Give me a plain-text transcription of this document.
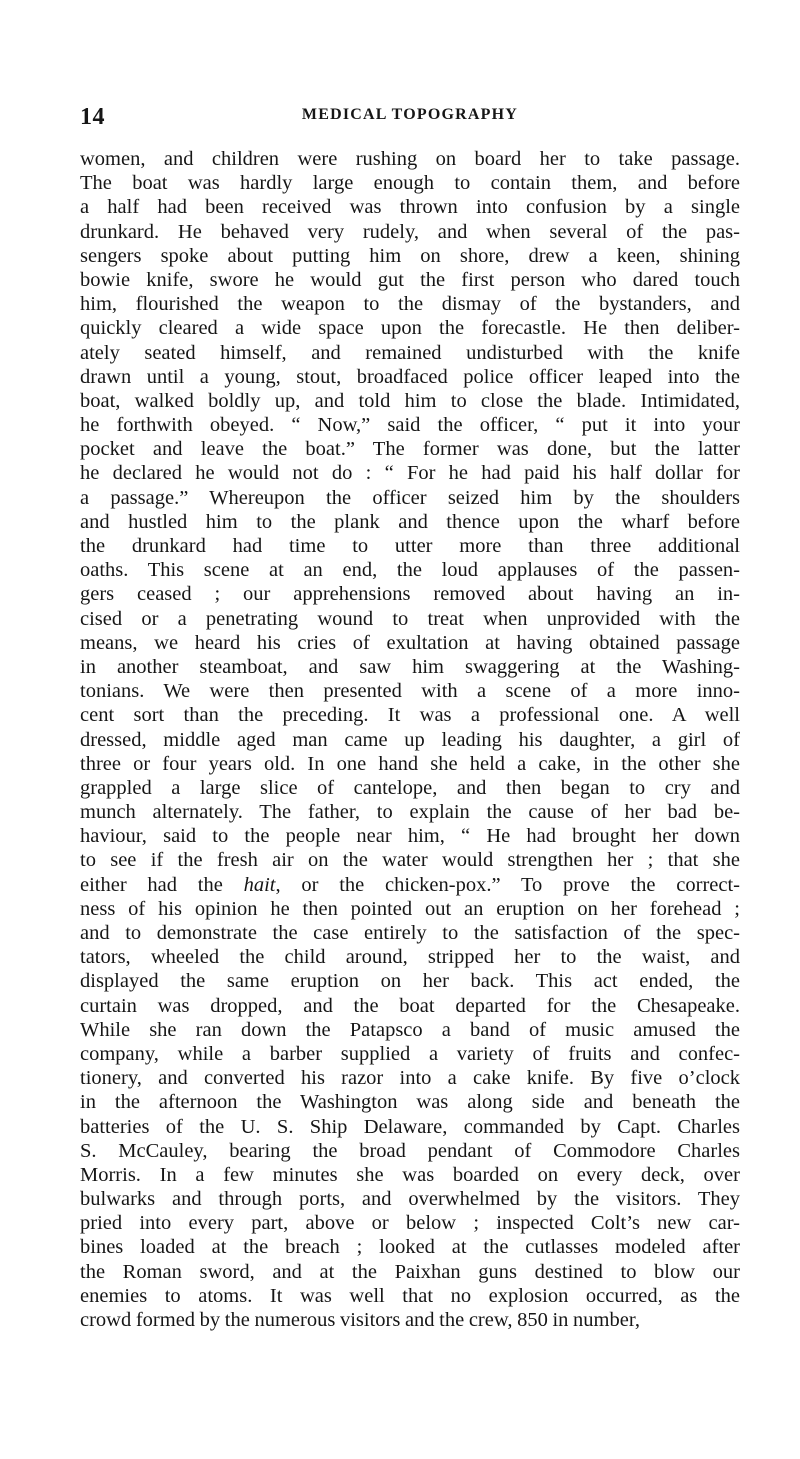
14	MEDICAL TOPOGRAPHY
women, and children were rushing on board her to take passage.
The boat was hardly large enough to contain them, and before
a half had been received was thrown into confusion by a single
drunkard. He behaved very rudely, and when several of the pas-
sengers spoke about putting him on shore, drew a keen, shining
bowie knife, swore he would gut the first person who dared touch
him, flourished the weapon to the dismay of the bystanders, and
quickly cleared a wide space upon the forecastle. He then deliber-
ately seated himself, and remained undisturbed with the knife
drawn until a young, stout, broadfaced police officer leaped into the
boat, walked boldly up, and told him to close the blade. Intimidated,
he forthwith obeyed. “ Now,” said the officer, “ put it into your
pocket and leave the boat.” The former was done, but the latter
he declared he would not do : “ For he had paid his half dollar for
a passage.” Whereupon the officer seized him by the shoulders
and hustled him to the plank and thence upon the wharf before
the drunkard had time to utter more than three additional
oaths. This scene at an end, the loud applauses of the passen-
gers ceased ; our apprehensions removed about having an in-
cised or a penetrating wound to treat when unprovided with the
means, we heard his cries of exultation at having obtained passage
in another steamboat, and saw him swaggering at the Washing-
tonians. We were then presented with a scene of a more inno-
cent sort than the preceding. It was a professional one. A well
dressed, middle aged man came up leading his daughter, a girl of
three or four years old. In one hand she held a cake, in the other she
grappled a large slice of cantelope, and then began to cry and
munch alternately. The father, to explain the cause of her bad be-
haviour, said to the people near him, “ He had brought her down
to see if the fresh air on the water would strengthen her ; that she
either had the hait, or the chicken-pox.” To prove the correct-
ness of his opinion he then pointed out an eruption on her forehead ;
and to demonstrate the case entirely to the satisfaction of the spec-
tators, wheeled the child around, stripped her to the waist, and
displayed the same eruption on her back. This act ended, the
curtain was dropped, and the boat departed for the Chesapeake.
While she ran down the Patapsco a band of music amused the
company, while a barber supplied a variety of fruits and confec-
tionery, and converted his razor into a cake knife. By five o’clock
in the afternoon the Washington was along side and beneath the
batteries of the U. S. Ship Delaware, commanded by Capt. Charles
S. McCauley, bearing the broad pendant of Commodore Charles
Morris. In a few minutes she was boarded on every deck, over
bulwarks and through ports, and overwhelmed by the visitors. They
pried into every part, above or below ; inspected Colt’s new car-
bines loaded at the breach ; looked at the cutlasses modeled after
the Roman sword, and at the Paixhan guns destined to blow our
enemies to atoms. It was well that no explosion occurred, as the
crowd formed by the numerous visitors and the crew, 850 in number,
